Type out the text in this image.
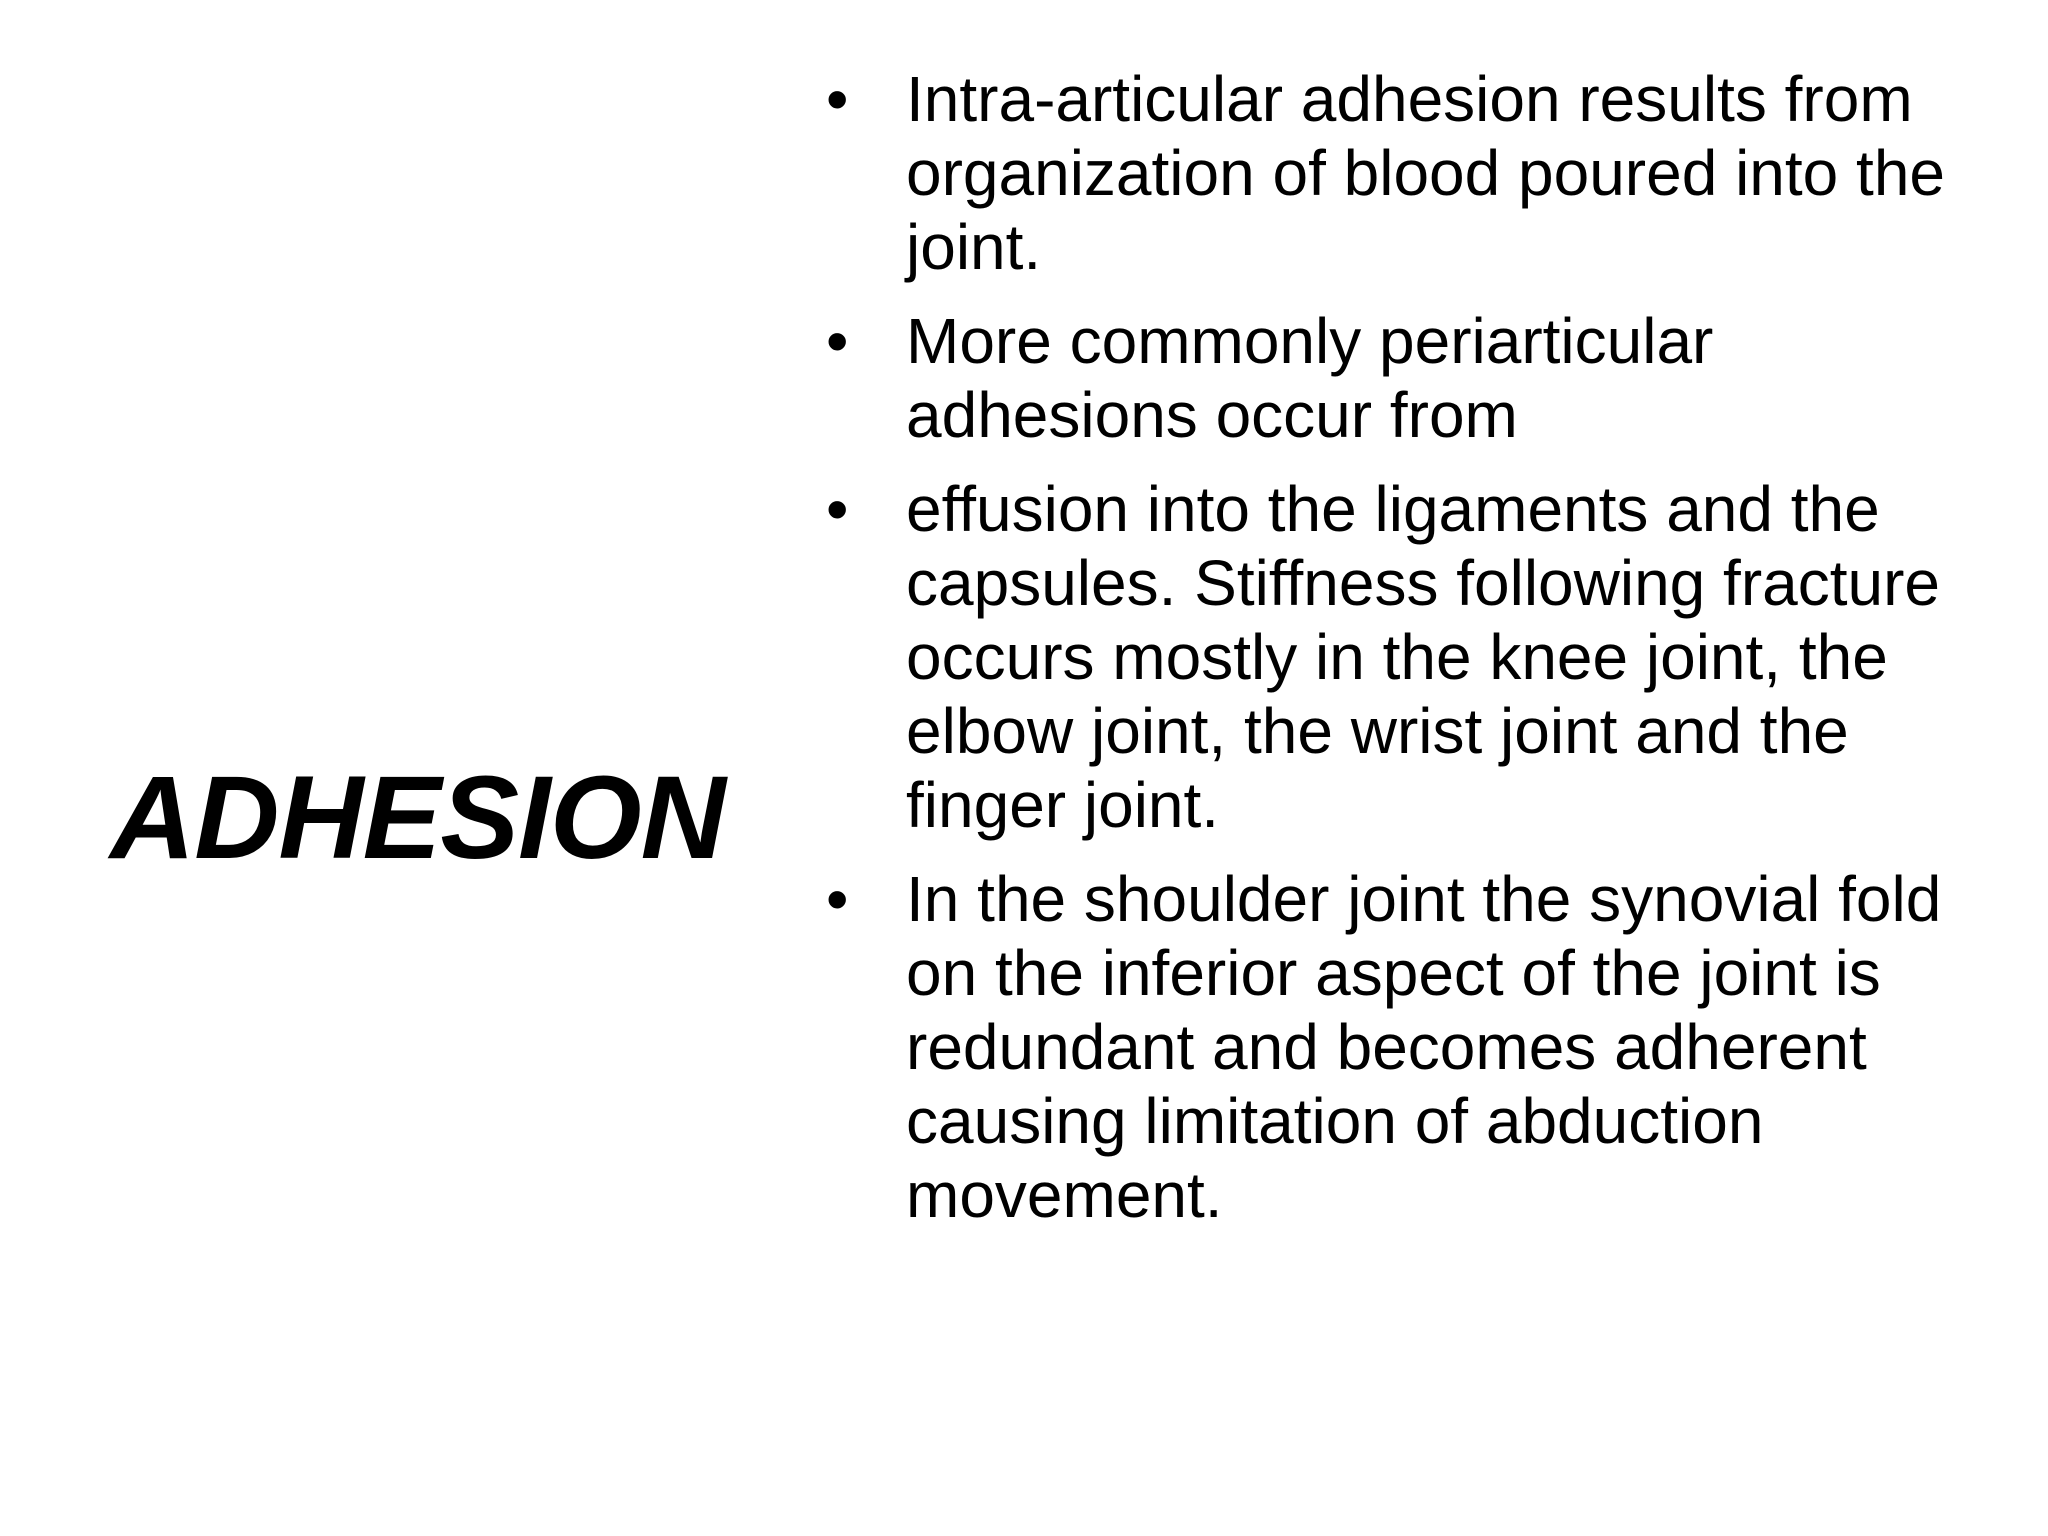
ADHESION
• Intra-articular adhesion results from organization of blood poured into the joint.
• More commonly periarticular adhesions occur from
• effusion into the ligaments and the capsules. Stiffness following fracture occurs mostly in the knee joint, the elbow joint, the wrist joint and the finger joint.
• In the shoulder joint the synovial fold on the inferior aspect of the joint is redundant and becomes adherent causing limitation of abduction movement.
